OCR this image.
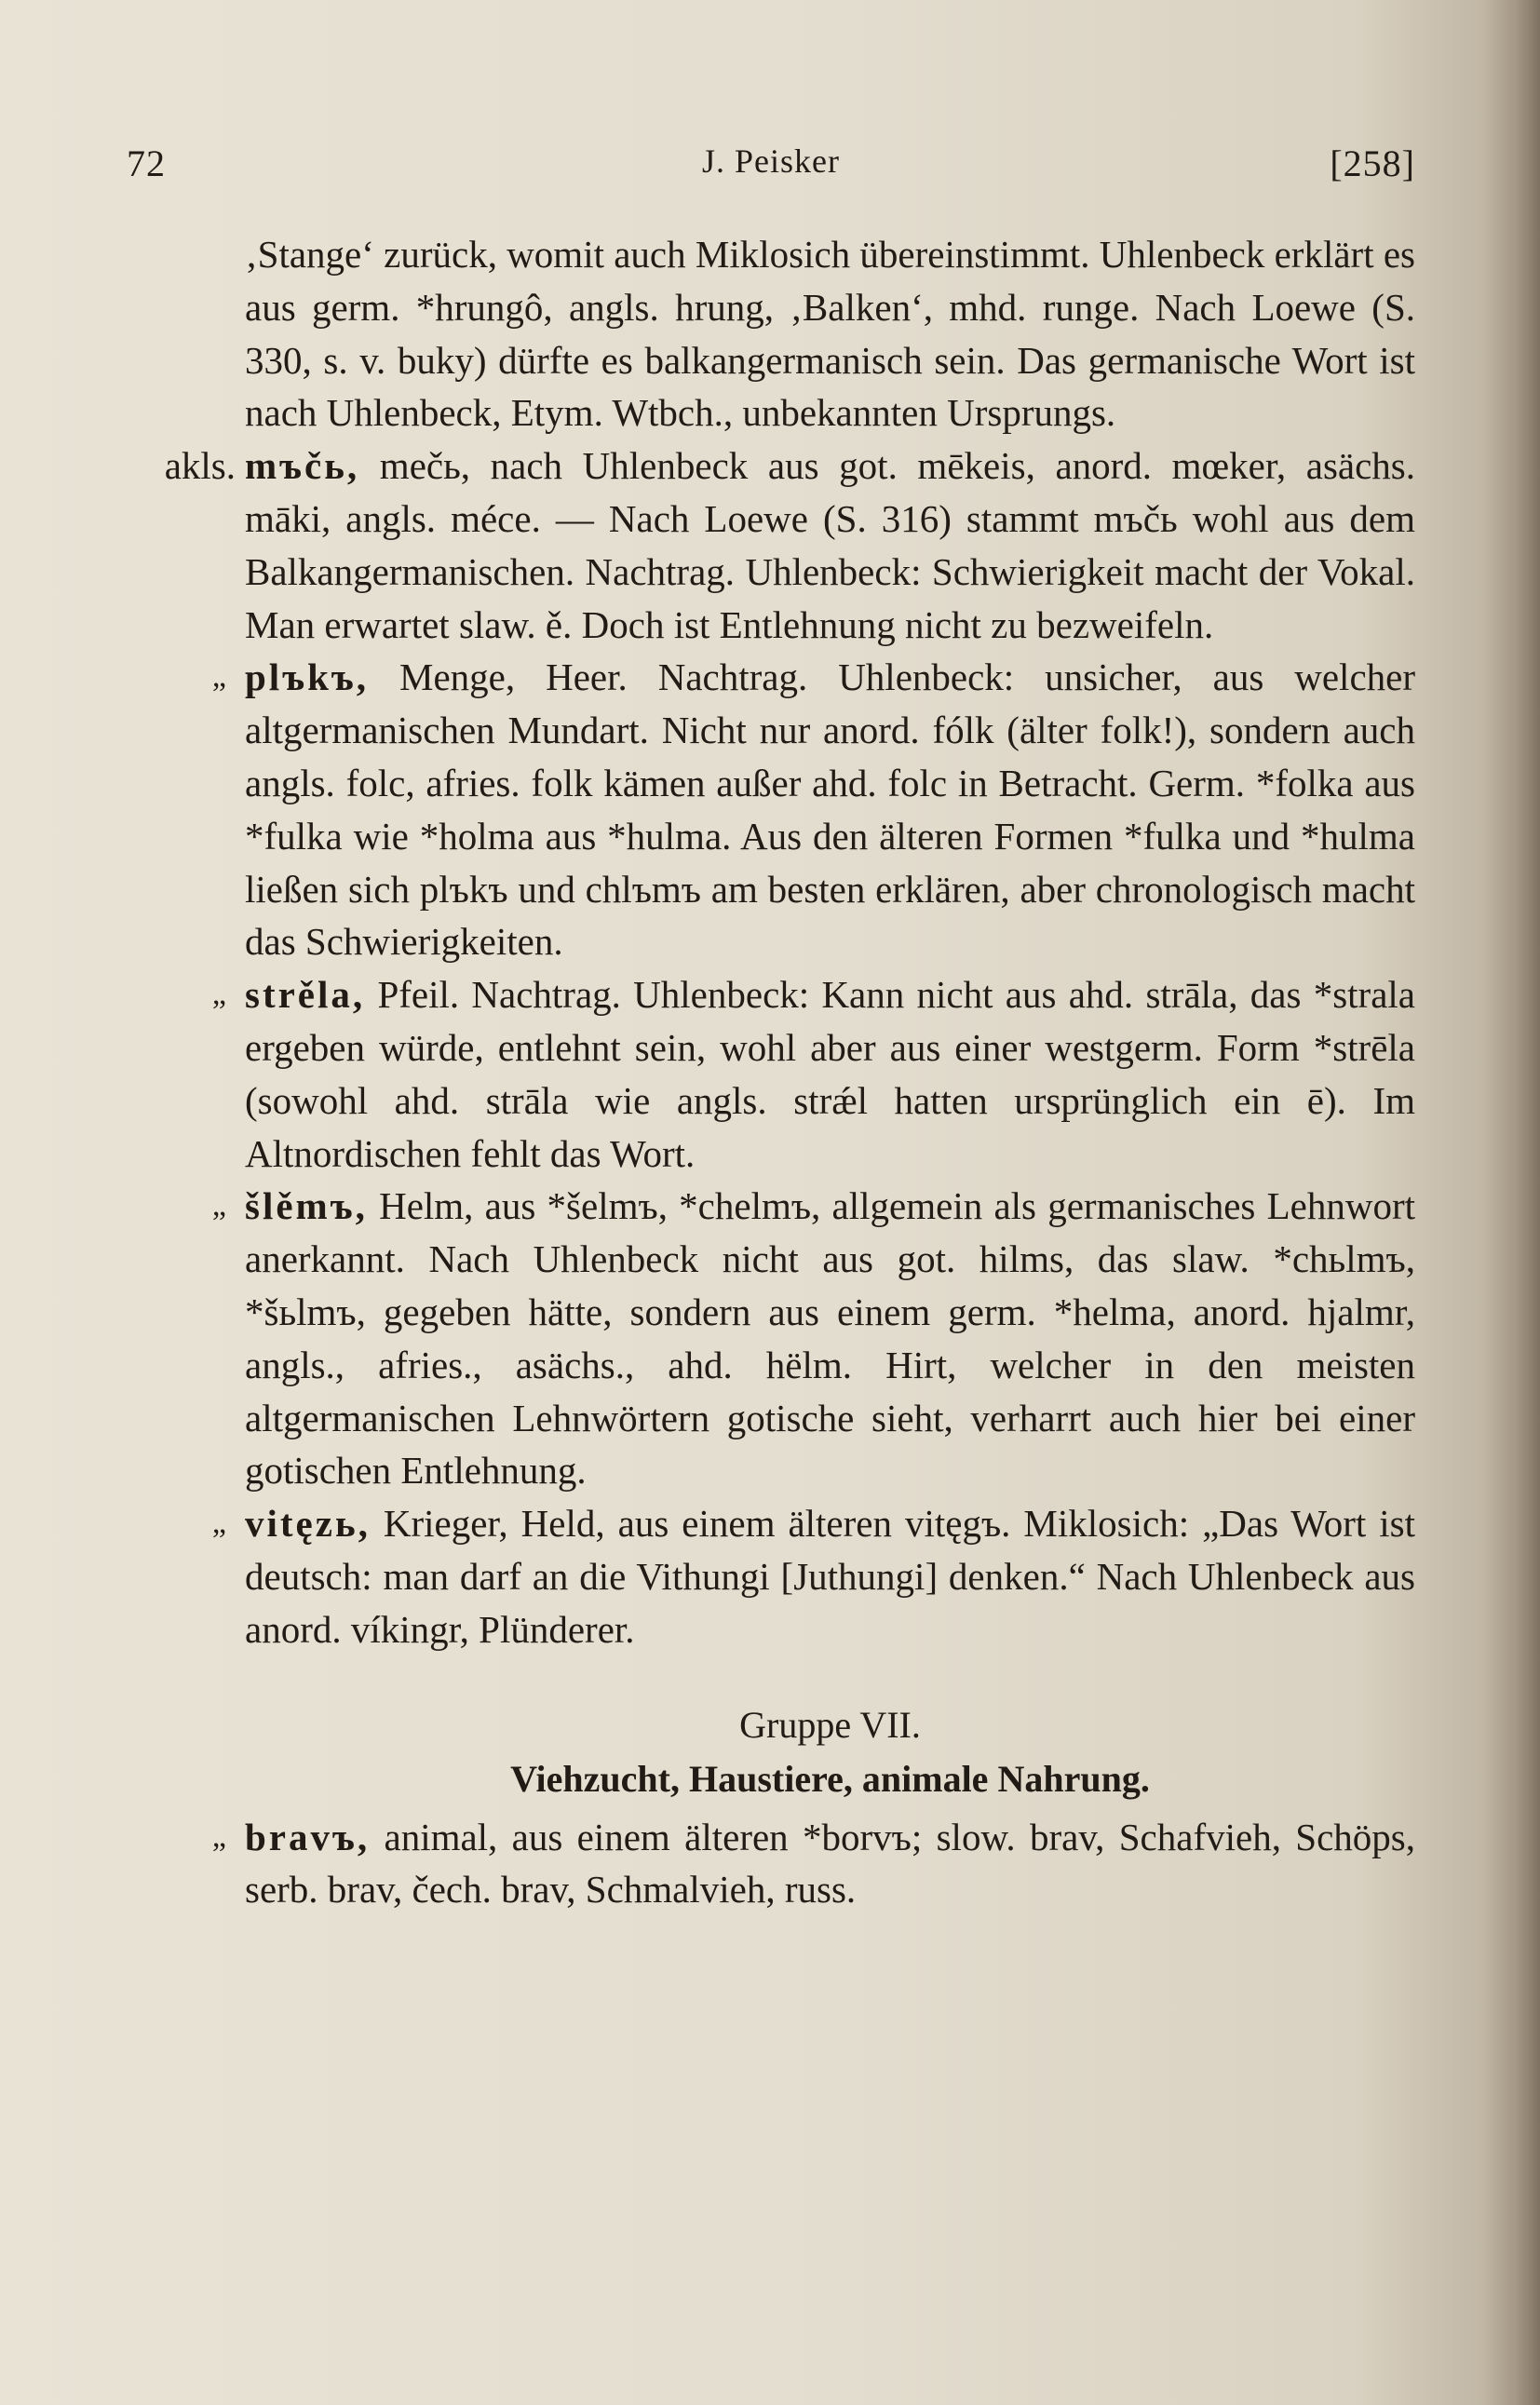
72	J. Peisker	[258]

‚Stange‘ zurück, womit auch Miklosich übereinstimmt. Uhlenbeck erklärt es aus germ. *hrungô, angls. hrung, ‚Balken‘, mhd. runge. Nach Loewe (S. 330, s. v. buky) dürfte es balkangermanisch sein. Das germanische Wort ist nach Uhlenbeck, Etym. Wtbch., unbekannten Ursprungs.

akls. mъčь, mečь, nach Uhlenbeck aus got. mēkeis, anord. mœker, asächs. māki, angls. méce. — Nach Loewe (S. 316) stammt mъčь wohl aus dem Balkangermanischen. Nachtrag. Uhlenbeck: Schwierigkeit macht der Vokal. Man erwartet slaw. ě. Doch ist Entlehnung nicht zu bezweifeln.

„ plъkъ, Menge, Heer. Nachtrag. Uhlenbeck: unsicher, aus welcher altgermanischen Mundart. Nicht nur anord. fólk (älter folk!), sondern auch angls. folc, afries. folk kämen außer ahd. folc in Betracht. Germ. *folka aus *fulka wie *holma aus *hulma. Aus den älteren Formen *fulka und *hulma ließen sich plъkъ und chlъmъ am besten erklären, aber chronologisch macht das Schwierigkeiten.

„ strěla, Pfeil. Nachtrag. Uhlenbeck: Kann nicht aus ahd. strāla, das *strala ergeben würde, entlehnt sein, wohl aber aus einer westgerm. Form *strēla (sowohl ahd. strāla wie angls. strǽl hatten ursprünglich ein ē). Im Altnordischen fehlt das Wort.

„ šlěmъ, Helm, aus *šelmъ, *chelmъ, allgemein als germanisches Lehnwort anerkannt. Nach Uhlenbeck nicht aus got. hilms, das slaw. *chьlmъ, *šьlmъ, gegeben hätte, sondern aus einem germ. *helma, anord. hjalmr, angls., afries., asächs., ahd. hëlm. Hirt, welcher in den meisten altgermanischen Lehnwörtern gotische sieht, verharrt auch hier bei einer gotischen Entlehnung.

„ vitęzь, Krieger, Held, aus einem älteren vitęgъ. Miklosich: „Das Wort ist deutsch: man darf an die Vithungi [Juthungi] denken.“ Nach Uhlenbeck aus anord. víkingr, Plünderer.

Gruppe VII.
Viehzucht, Haustiere, animale Nahrung.

„ bravъ, animal, aus einem älteren *borvъ; slow. brav, Schafvieh, Schöps, serb. brav, čech. brav, Schmalvieh, russ.
